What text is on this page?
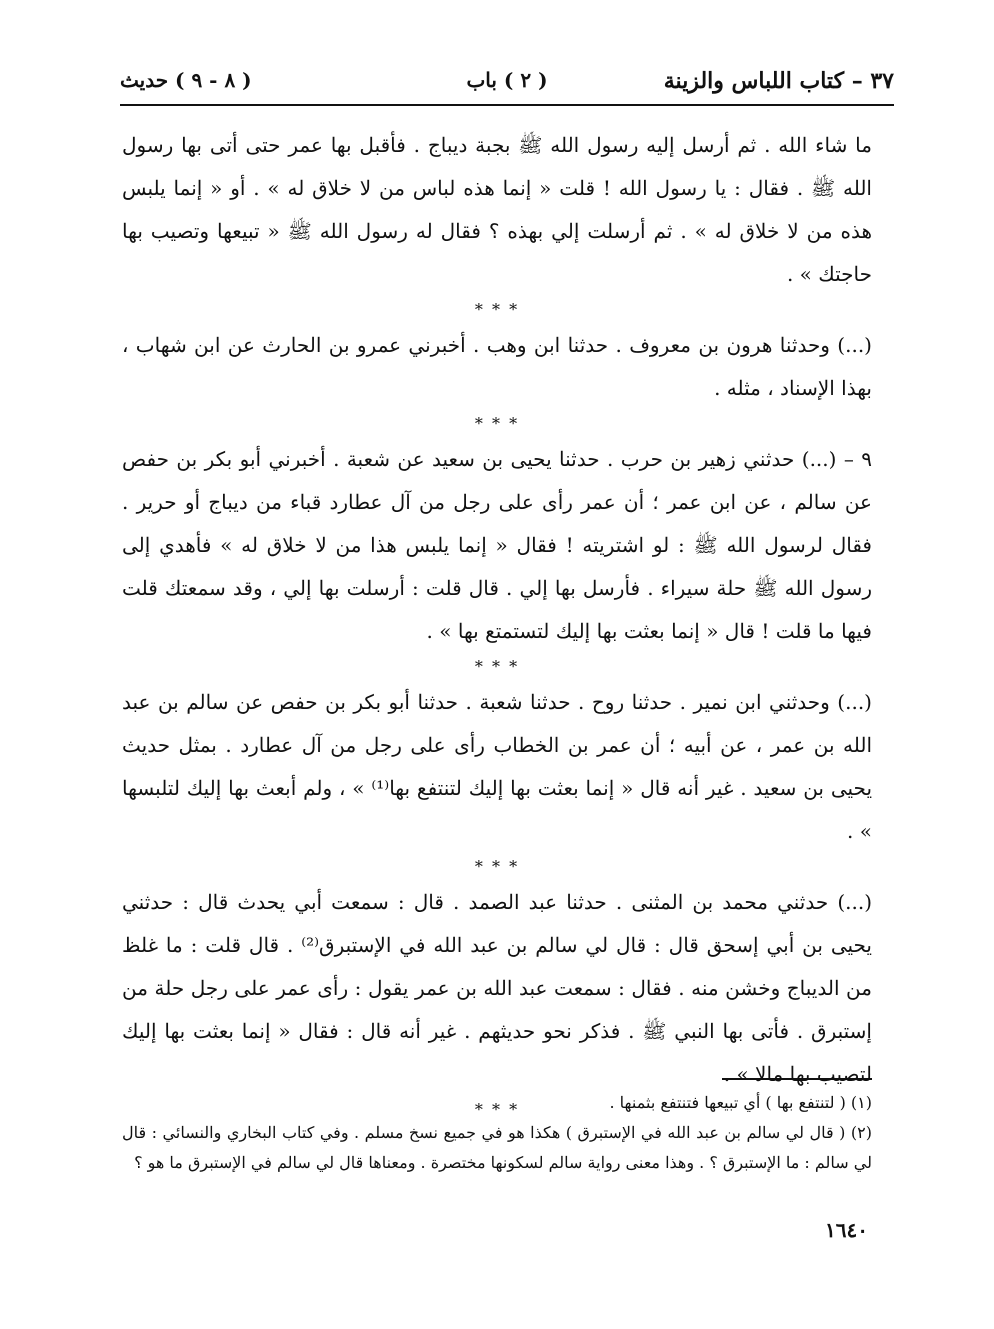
٣٧ – كتاب اللباس والزينة
( ٢ ) باب
( ٨ - ٩ ) حديث

ما شاء الله . ثم أرسل إليه رسول الله ﷺ بجبة ديباج . فأقبل بها عمر حتى أتى بها رسول الله ﷺ . فقال : يا رسول الله ! قلت « إنما هذه لباس من لا خلاق له » . أو « إنما يلبس هذه من لا خلاق له » . ثم أرسلت إلي بهذه ؟ فقال له رسول الله ﷺ « تبيعها وتصيب بها حاجتك » .

* * *

(...) وحدثنا هرون بن معروف . حدثنا ابن وهب . أخبرني عمرو بن الحارث عن ابن شهاب ، بهذا الإسناد ، مثله .

* * *

٩ – (...) حدثني زهير بن حرب . حدثنا يحيى بن سعيد عن شعبة . أخبرني أبو بكر بن حفص عن سالم ، عن ابن عمر ؛ أن عمر رأى على رجل من آل عطارد قباء من ديباج أو حرير . فقال لرسول الله ﷺ : لو اشتريته ! فقال « إنما يلبس هذا من لا خلاق له » فأهدي إلى رسول الله ﷺ حلة سيراء . فأرسل بها إلي . قال قلت : أرسلت بها إلي ، وقد سمعتك قلت فيها ما قلت ! قال « إنما بعثت بها إليك لتستمتع بها » .

* * *

(...) وحدثني ابن نمير . حدثنا روح . حدثنا شعبة . حدثنا أبو بكر بن حفص عن سالم بن عبد الله بن عمر ، عن أبيه ؛ أن عمر بن الخطاب رأى على رجل من آل عطارد . بمثل حديث يحيى بن سعيد . غير أنه قال « إنما بعثت بها إليك لتنتفع بها⁽¹⁾ » ، ولم أبعث بها إليك لتلبسها » .

* * *

(...) حدثني محمد بن المثنى . حدثنا عبد الصمد . قال : سمعت أبي يحدث قال : حدثني يحيى بن أبي إسحق قال : قال لي سالم بن عبد الله في الإستبرق⁽²⁾ . قال قلت : ما غلظ من الديباج وخشن منه . فقال : سمعت عبد الله بن عمر يقول : رأى عمر على رجل حلة من إستبرق . فأتى بها النبي ﷺ . فذكر نحو حديثهم . غير أنه قال : فقال « إنما بعثت بها إليك لتصيب بها مالا » .

* * *	(١) ( لتنتفع بها ) أي تبيعها فتنتفع بثمنها .

(٢) ( قال لي سالم بن عبد الله في الإستبرق ) هكذا هو في جميع نسخ مسلم . وفي كتاب البخاري والنسائي : قال لي سالم : ما الإستبرق ؟ . وهذا معنى رواية سالم لسكونها مختصرة . ومعناها قال لي سالم في الإستبرق ما هو ؟

١٦٤٠
